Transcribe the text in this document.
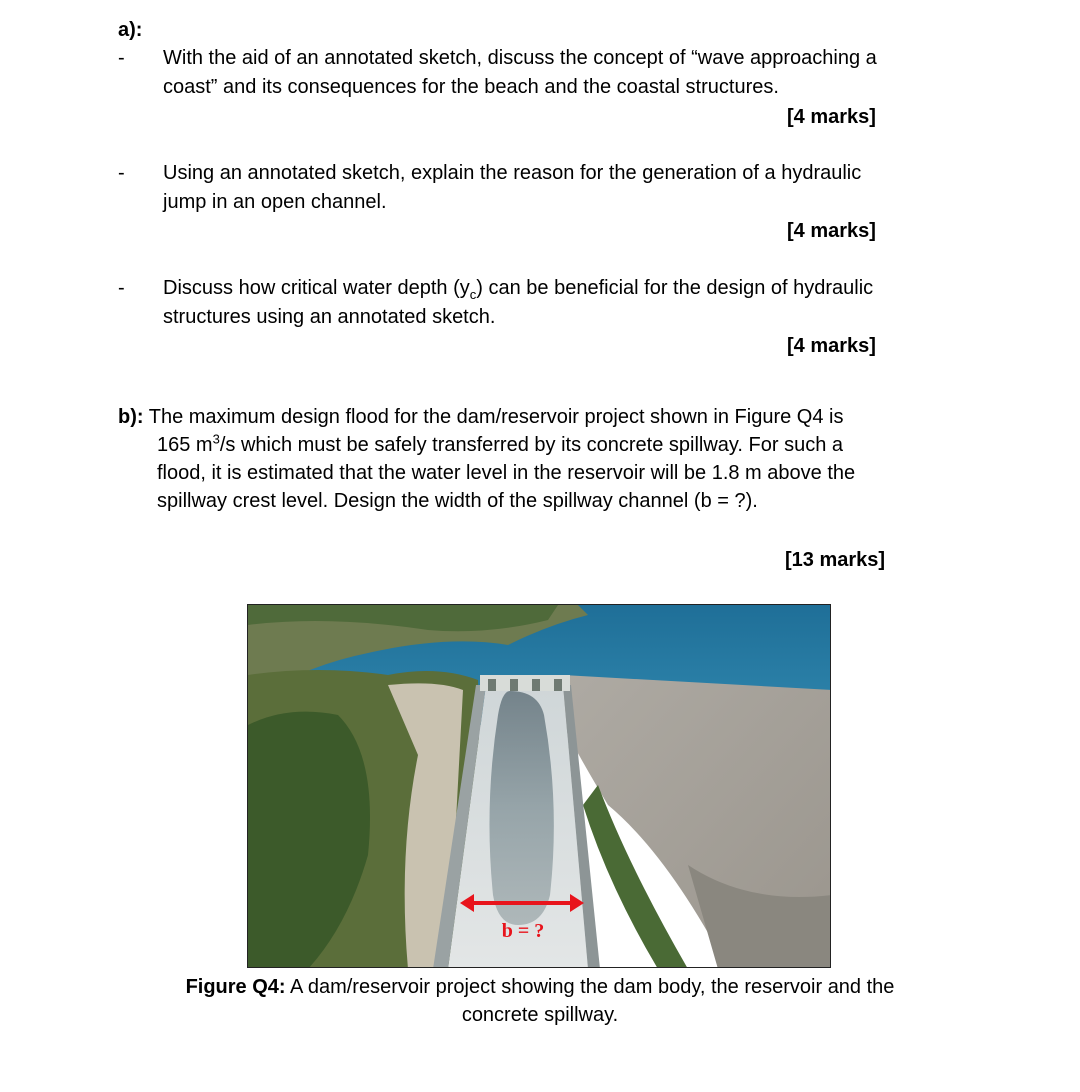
a):
- With the aid of an annotated sketch, discuss the concept of “wave approaching a
coast” and its consequences for the beach and the coastal structures.
[4 marks]
- Using an annotated sketch, explain the reason for the generation of a hydraulic
jump in an open channel.
[4 marks]
- Discuss how critical water depth $(y_c)$ can be beneficial for the design of hydraulic
structures using an annotated sketch.
[4 marks]
b): The maximum design flood for the dam/reservoir project shown in Figure Q4 is
165 $m^3/s$ which must be safely transferred by its concrete spillway. For such a
flood, it is estimated that the water level in the reservoir will be 1.8 m above the
spillway crest level. Design the width of the spillway channel (b = ?).
[13 marks]
b = ?
Figure Q4: A dam/reservoir project showing the dam body, the reservoir and the
concrete spillway.
